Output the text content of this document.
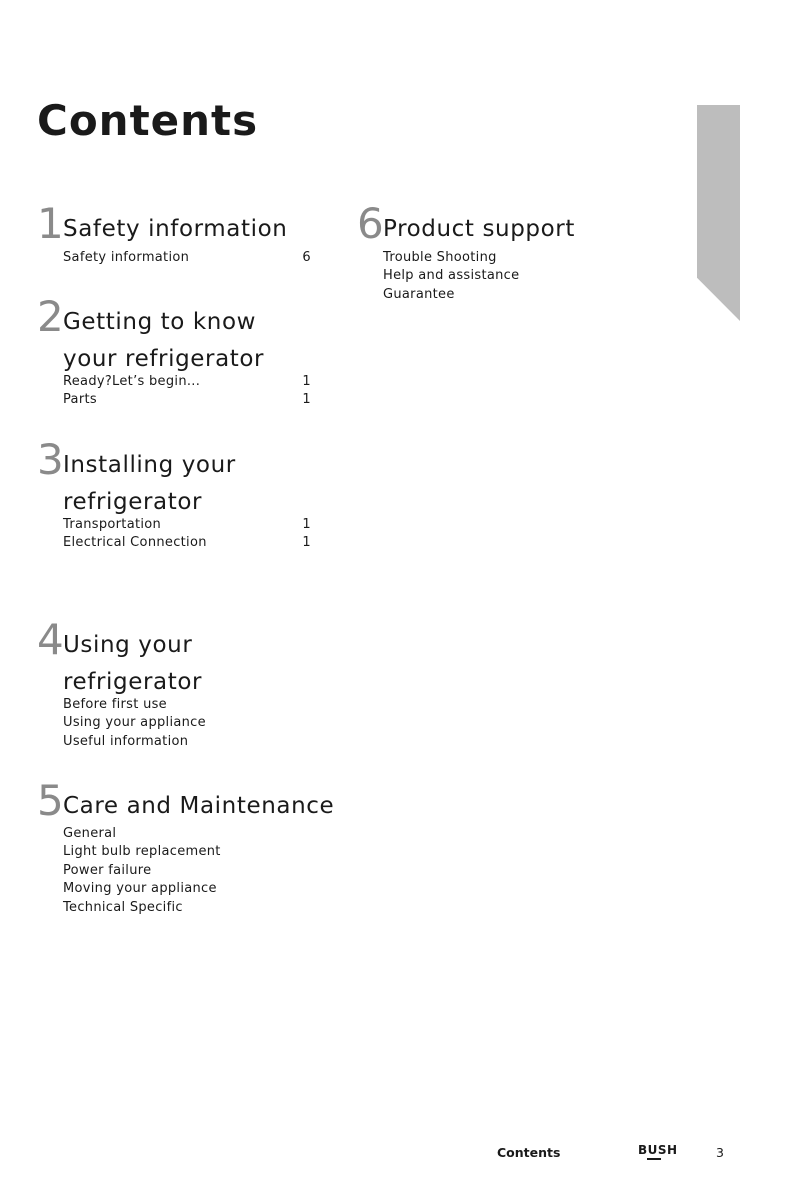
Contents
1 Safety information
Safety information	6
2 Getting to know
your refrigerator
Ready?Let’s begin...	1
Parts	1
3 Installing your
refrigerator
Transportation	1
Electrical Connection	1
4 Using your
refrigerator
Before first use
Using your appliance
Useful information
5 Care and Maintenance
General
Light bulb replacement
Power failure
Moving your appliance
Technical Specific
6 Product support
Trouble Shooting
Help and assistance
Guarantee
Contents	BUSH	3
